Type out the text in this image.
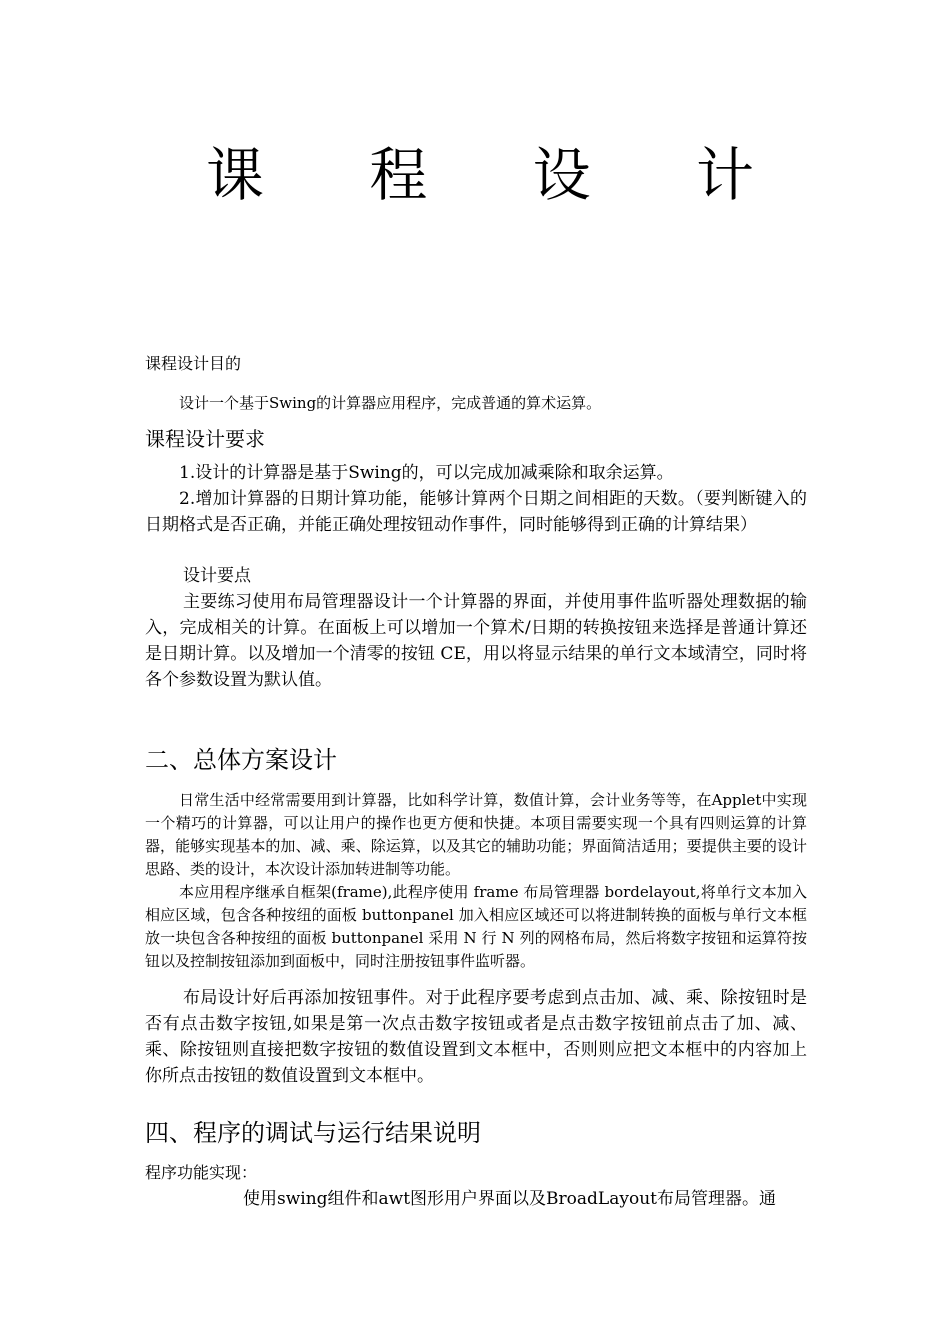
课 程 设 计
课程设计目的
设计一个基于Swing的计算器应用程序，完成普通的算术运算。
课程设计要求
1.设计的计算器是基于Swing的，可以完成加减乘除和取余运算。
2.增加计算器的日期计算功能，能够计算两个日期之间相距的天数。（要判断键入的日期格式是否正确，并能正确处理按钮动作事件，同时能够得到正确的计算结果）
设计要点
主要练习使用布局管理器设计一个计算器的界面，并使用事件监听器处理数据的输入，完成相关的计算。在面板上可以增加一个算术/日期的转换按钮来选择是普通计算还是日期计算。以及增加一个清零的按钮 CE，用以将显示结果的单行文本域清空，同时将各个参数设置为默认值。
二、总体方案设计
日常生活中经常需要用到计算器，比如科学计算，数值计算，会计业务等等，在Applet中实现一个精巧的计算器，可以让用户的操作也更方便和快捷。本项目需要实现一个具有四则运算的计算器，能够实现基本的加、减、乘、除运算，以及其它的辅助功能；界面简洁适用；要提供主要的设计思路、类的设计，本次设计添加转进制等功能。
本应用程序继承自框架(frame),此程序使用 frame 布局管理器 bordelayout,将单行文本加入相应区域，包含各种按纽的面板 buttonpanel 加入相应区域还可以将进制转换的面板与单行文本框放一块包含各种按纽的面板 buttonpanel 采用 N 行 N 列的网格布局，然后将数字按钮和运算符按钮以及控制按钮添加到面板中，同时注册按钮事件监听器。
布局设计好后再添加按钮事件。对于此程序要考虑到点击加、减、乘、除按钮时是否有点击数字按钮,如果是第一次点击数字按钮或者是点击数字按钮前点击了加、减、乘、除按钮则直接把数字按钮的数值设置到文本框中，否则则应把文本框中的内容加上你所点击按钮的数值设置到文本框中。
四、程序的调试与运行结果说明
程序功能实现：
使用swing组件和awt图形用户界面以及BroadLayout布局管理器。通
